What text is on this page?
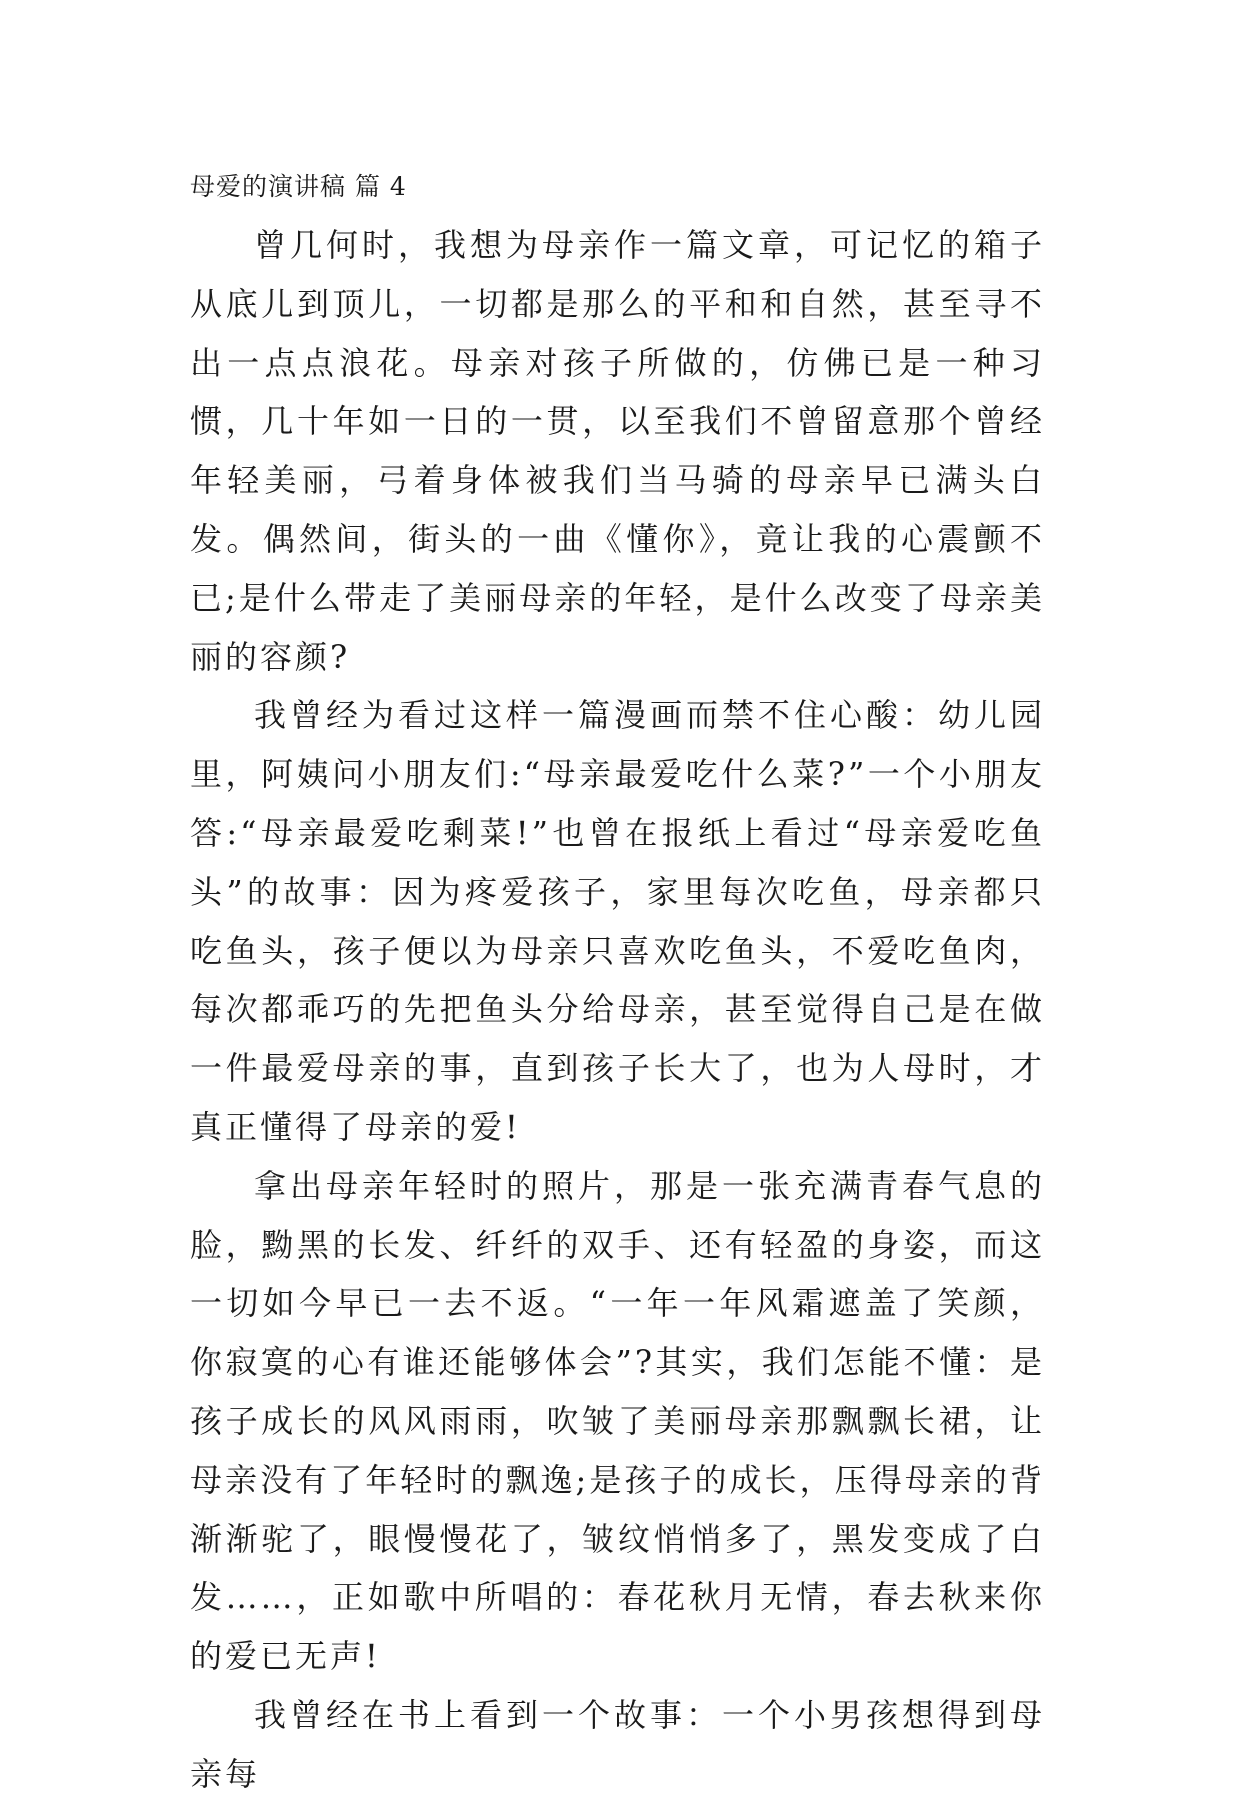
母爱的演讲稿 篇 4

曾几何时，我想为母亲作一篇文章，可记忆的箱子从底儿到顶儿，一切都是那么的平和和自然，甚至寻不出一点点浪花。母亲对孩子所做的，仿佛已是一种习惯，几十年如一日的一贯，以至我们不曾留意那个曾经年轻美丽，弓着身体被我们当马骑的母亲早已满头白发。偶然间，街头的一曲《懂你》，竟让我的心震颤不已;是什么带走了美丽母亲的年轻，是什么改变了母亲美丽的容颜?

我曾经为看过这样一篇漫画而禁不住心酸：幼儿园里，阿姨问小朋友们:“母亲最爱吃什么菜?”一个小朋友答:“母亲最爱吃剩菜!”也曾在报纸上看过“母亲爱吃鱼头”的故事：因为疼爱孩子，家里每次吃鱼，母亲都只吃鱼头，孩子便以为母亲只喜欢吃鱼头，不爱吃鱼肉，每次都乖巧的先把鱼头分给母亲，甚至觉得自己是在做一件最爱母亲的事，直到孩子长大了，也为人母时，才真正懂得了母亲的爱!

拿出母亲年轻时的照片，那是一张充满青春气息的脸，黝黑的长发、纤纤的双手、还有轻盈的身姿，而这一切如今早已一去不返。“一年一年风霜遮盖了笑颜，你寂寞的心有谁还能够体会”?其实，我们怎能不懂：是孩子成长的风风雨雨，吹皱了美丽母亲那飘飘长裙，让母亲没有了年轻时的飘逸;是孩子的成长，压得母亲的背渐渐驼了，眼慢慢花了，皱纹悄悄多了，黑发变成了白发……，正如歌中所唱的：春花秋月无情，春去秋来你的爱已无声!

我曾经在书上看到一个故事：一个小男孩想得到母亲每
